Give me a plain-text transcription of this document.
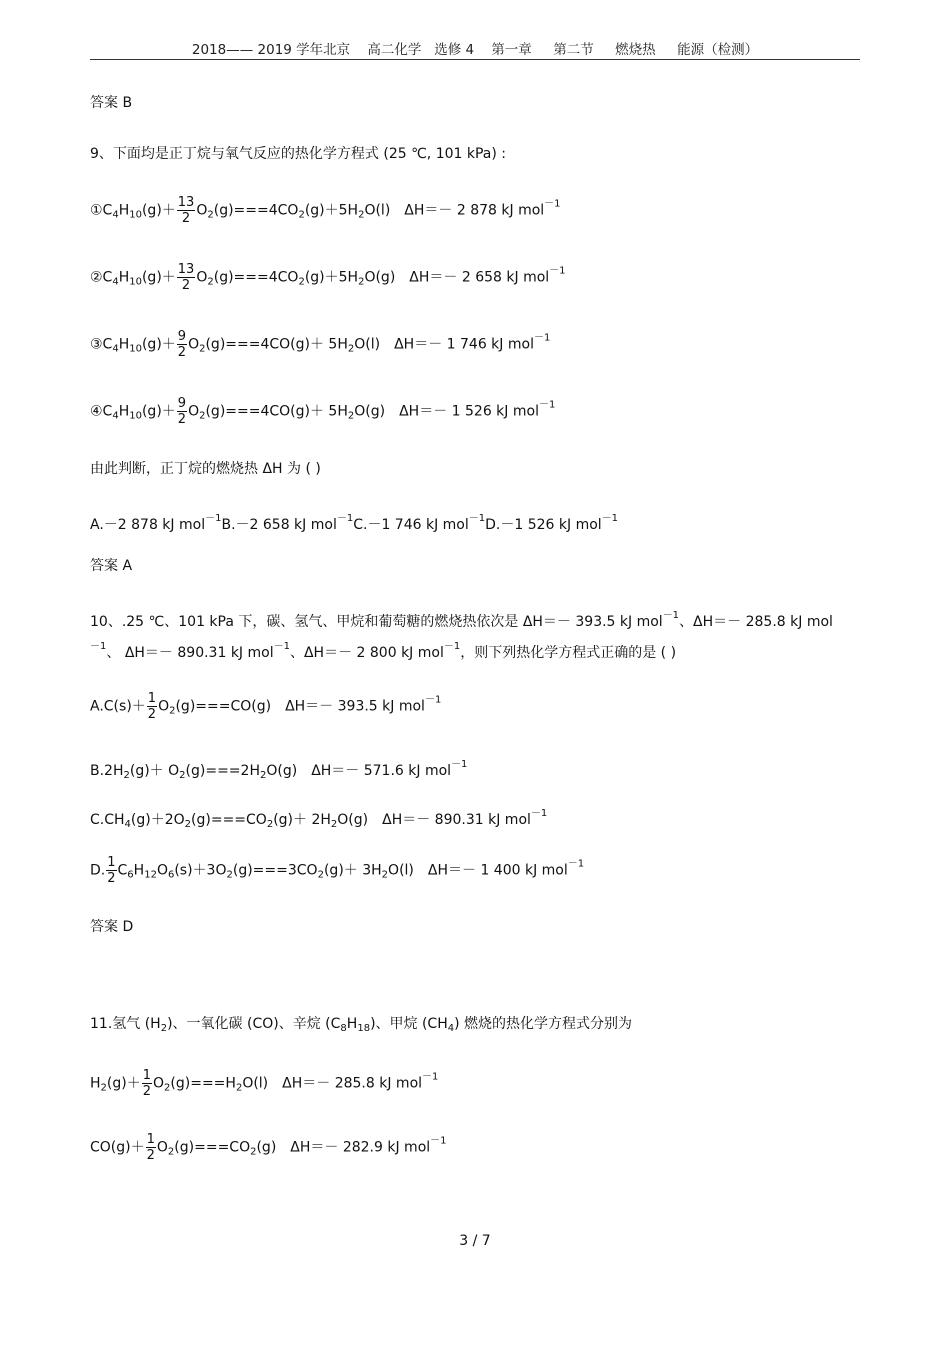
2018—— 2019 学年北京    高二化学   选修 4    第一章     第二节     燃烧热     能源（检测）
答案 B
9、下面均是正丁烷与氧气反应的热化学方程式 (25 ℃, 101 kPa) :
$①C_4H_{10}(g)+ \frac{13}{2} O_2(g)===4CO_2(g)+5H_2O(l)$ ΔH＝－ 2 878 kJ mol$^{-1}$
$②C_4H_{10}(g)+ \frac{13}{2} O_2(g)===4CO_2(g)+5H_2O(g)$ ΔH＝－ 2 658 kJ mol$^{-1}$
$③C_4H_{10}(g)+ \frac{9}{2} O_2(g)===4CO(g)+ 5H_2O(l)$ ΔH＝－ 1 746 kJ mol$^{-1}$
$④C_4H_{10}(g)+ \frac{9}{2} O_2(g)===4CO(g)+ 5H_2O(g)$ ΔH＝－ 1 526 kJ mol$^{-1}$
由此判断，正丁烷的燃烧热 ΔH 为 ( )
A.－2 878 kJ mol$^{-1}$B.－2 658 kJ mol$^{-1}$C.－1 746 kJ mol$^{-1}$D.－1 526 kJ mol$^{-1}$
答案 A
10、.25 ℃、101 kPa 下，碳、氢气、甲烷和葡萄糖的燃烧热依次是 ΔH＝－ 393.5 kJ mol$^{-1}$、ΔH＝－ 285.8 kJ mol
$^{-1}$、 ΔH＝－ 890.31 kJ mol$^{-1}$、ΔH＝－ 2 800 kJ mol$^{-1}$，则下列热化学方程式正确的是 ( )
$A.C(s)+ \frac{1}{2} O_2(g)===CO(g)$ ΔH＝－ 393.5 kJ mol$^{-1}$
$B.2H_2(g)+ O_2(g)===2H_2O(g)$ ΔH＝－ 571.6 kJ mol$^{-1}$
$C.CH_4(g)+2O_2(g)===CO_2(g)+ 2H_2O(g)$ ΔH＝－ 890.31 kJ mol$^{-1}$
D. $\frac{1}{2} C_6H_{12}O_6(s)+3O_2(g)===3CO_2(g)+ 3H_2O(l)$ ΔH＝－ 1 400 kJ mol$^{-1}$
答案 D
11.氢气 $(H_2)$、一氧化碳 (CO)、辛烷 $(C_8H_{18})$、甲烷 $(CH_4)$ 燃烧的热化学方程式分别为
$H_2(g)+ \frac{1}{2} O_2(g)===H_2O(l)$ ΔH＝－ 285.8 kJ mol$^{-1}$
$CO(g)+ \frac{1}{2} O_2(g)===CO_2(g)$ ΔH＝－ 282.9 kJ mol$^{-1}$
3 / 7
